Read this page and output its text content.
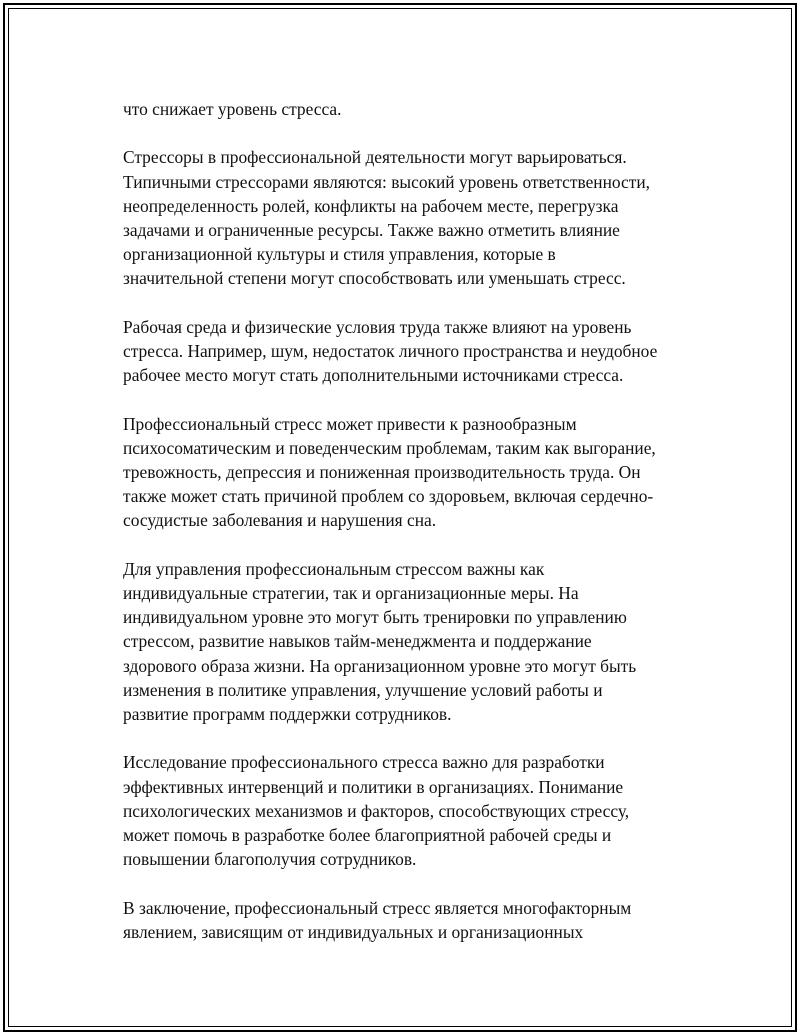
что снижает уровень стресса.

Стрессоры в профессиональной деятельности могут варьироваться.
Типичными стрессорами являются: высокий уровень ответственности,
неопределенность ролей, конфликты на рабочем месте, перегрузка
задачами и ограниченные ресурсы. Также важно отметить влияние
организационной культуры и стиля управления, которые в
значительной степени могут способствовать или уменьшать стресс.

Рабочая среда и физические условия труда также влияют на уровень
стресса. Например, шум, недостаток личного пространства и неудобное
рабочее место могут стать дополнительными источниками стресса.

Профессиональный стресс может привести к разнообразным
психосоматическим и поведенческим проблемам, таким как выгорание,
тревожность, депрессия и пониженная производительность труда. Он
также может стать причиной проблем со здоровьем, включая сердечно-
сосудистые заболевания и нарушения сна.

Для управления профессиональным стрессом важны как
индивидуальные стратегии, так и организационные меры. На
индивидуальном уровне это могут быть тренировки по управлению
стрессом, развитие навыков тайм-менеджмента и поддержание
здорового образа жизни. На организационном уровне это могут быть
изменения в политике управления, улучшение условий работы и
развитие программ поддержки сотрудников.

Исследование профессионального стресса важно для разработки
эффективных интервенций и политики в организациях. Понимание
психологических механизмов и факторов, способствующих стрессу,
может помочь в разработке более благоприятной рабочей среды и
повышении благополучия сотрудников.

В заключение, профессиональный стресс является многофакторным
явлением, зависящим от индивидуальных и организационных
